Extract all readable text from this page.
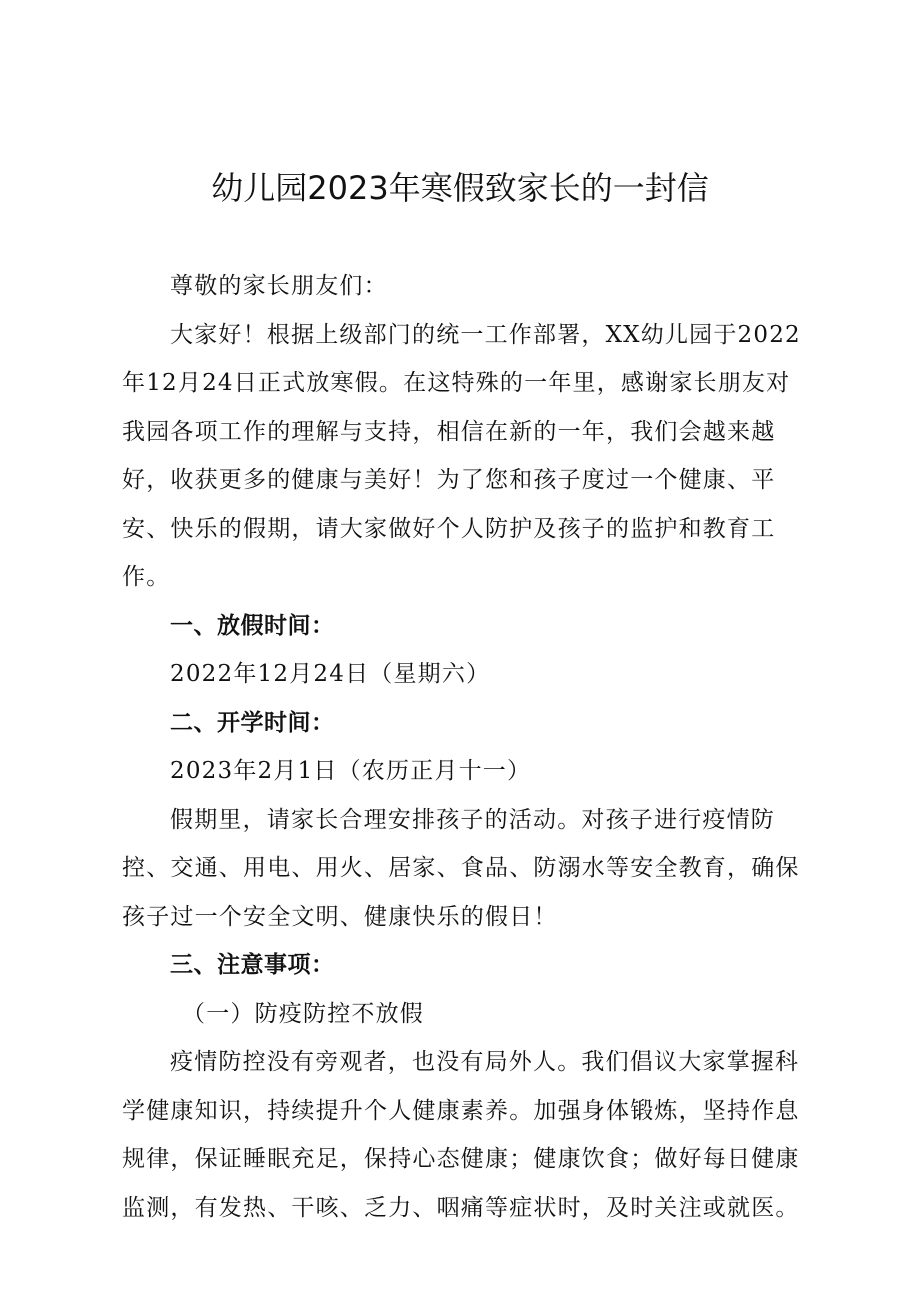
幼儿园2023年寒假致家长的一封信

尊敬的家长朋友们：

大家好！根据上级部门的统一工作部署，XX幼儿园于2022年12月24日正式放寒假。在这特殊的一年里，感谢家长朋友对我园各项工作的理解与支持，相信在新的一年，我们会越来越好，收获更多的健康与美好！为了您和孩子度过一个健康、平安、快乐的假期，请大家做好个人防护及孩子的监护和教育工作。

一、放假时间：

2022年12月24日（星期六）

二、开学时间：

2023年2月1日（农历正月十一）

假期里，请家长合理安排孩子的活动。对孩子进行疫情防控、交通、用电、用火、居家、食品、防溺水等安全教育，确保孩子过一个安全文明、健康快乐的假日！

三、注意事项：

（一）防疫防控不放假

疫情防控没有旁观者，也没有局外人。我们倡议大家掌握科学健康知识，持续提升个人健康素养。加强身体锻炼，坚持作息规律，保证睡眠充足，保持心态健康；健康饮食；做好每日健康监测，有发热、干咳、乏力、咽痛等症状时，及时关注或就医。
